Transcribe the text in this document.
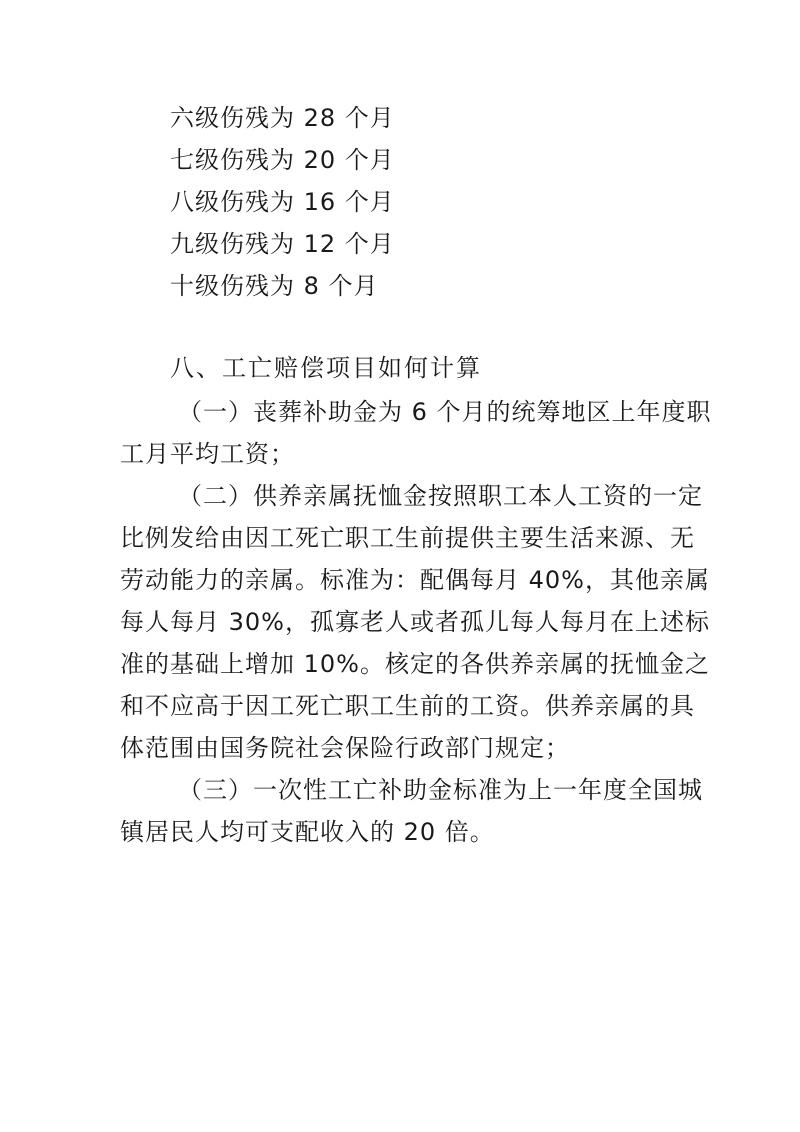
六级伤残为 28 个月

七级伤残为 20 个月

八级伤残为 16 个月

九级伤残为 12 个月

十级伤残为 8 个月

八、工亡赔偿项目如何计算

（一）丧葬补助金为 6 个月的统筹地区上年度职

工月平均工资；

（二）供养亲属抚恤金按照职工本人工资的一定

比例发给由因工死亡职工生前提供主要生活来源、无

劳动能力的亲属。标准为：配偶每月 40%，其他亲属

每人每月 30%，孤寡老人或者孤儿每人每月在上述标

准的基础上增加 10%。核定的各供养亲属的抚恤金之

和不应高于因工死亡职工生前的工资。供养亲属的具

体范围由国务院社会保险行政部门规定；

（三）一次性工亡补助金标准为上一年度全国城

镇居民人均可支配收入的 20 倍。
